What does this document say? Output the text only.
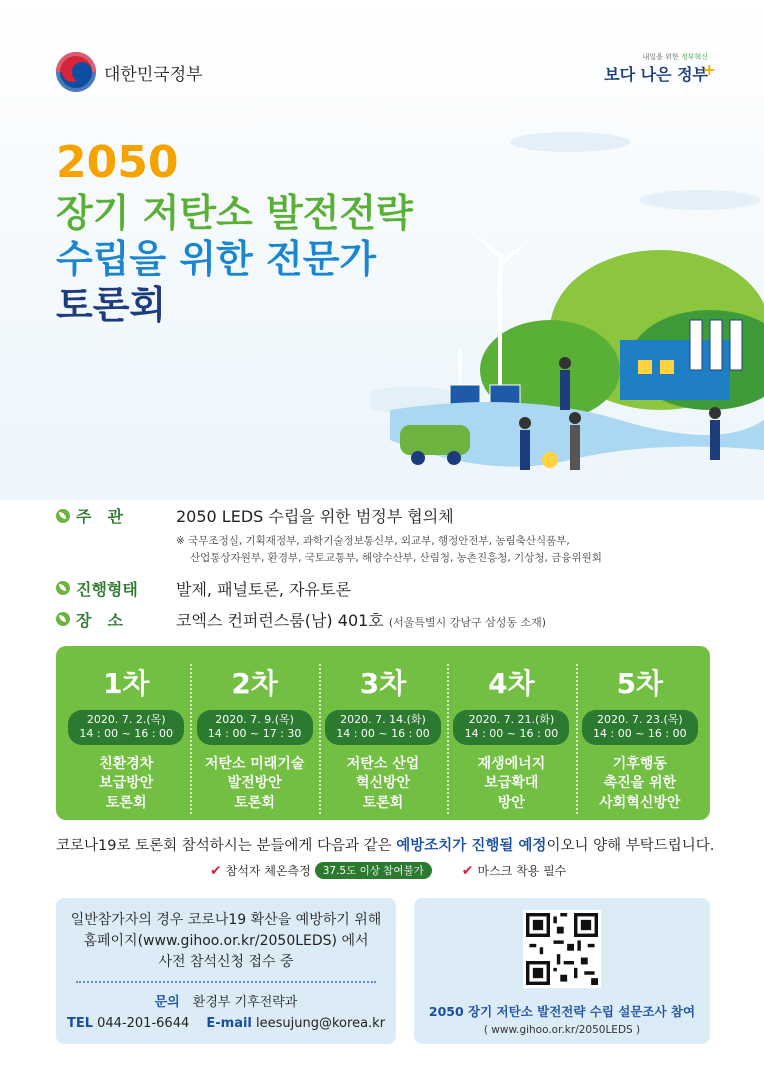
대한민국정부
내일을 위한 정부혁신
보다 나은 정부
+
2050
장기 저탄소 발전전략
수립을 위한 전문가
토론회
주　관	2050 LEDS 수립을 위한 범정부 협의체
※ 국무조정실, 기획재정부, 과학기술정보통신부, 외교부, 행정안전부, 농림축산식품부,
산업통상자원부, 환경부, 국토교통부, 해양수산부, 산림청, 농촌진흥청, 기상청, 금융위원회
진행형태 발제, 패널토론, 자유토론
장　소	코엑스 컨퍼런스룸(남) 401호 (서울특별시 강남구 삼성동 소재)
1차
2020. 7. 2.(목)
14 : 00 ~ 16 : 00
친환경차
보급방안
토론회
2차
2020. 7. 9.(목)
14 : 00 ~ 17 : 30
저탄소 미래기술
발전방안
토론회
3차
2020. 7. 14.(화)
14 : 00 ~ 16 : 00
저탄소 산업
혁신방안
토론회
4차
2020. 7. 21.(화)
14 : 00 ~ 16 : 00
재생에너지
보급확대
방안
5차
2020. 7. 23.(목)
14 : 00 ~ 16 : 00
기후행동
촉진을 위한
사회혁신방안
코로나19로 토론회 참석하시는 분들에게 다음과 같은 예방조치가 진행될 예정이오니 양해 부탁드립니다.
✔ 참석자 체온측정	37.5도 이상 참여불가	✔ 마스크 착용 필수
일반참가자의 경우 코로나19 확산을 예방하기 위해
홈페이지(www.gihoo.or.kr/2050LEDS) 에서
사전 참석신청 접수 중
문의　 환경부 기후전략과
TEL 044-201-6644　 E-mail leesujung@korea.kr
2050 장기 저탄소 발전전략 수립 설문조사 참여
( www.gihoo.or.kr/2050LEDS )
